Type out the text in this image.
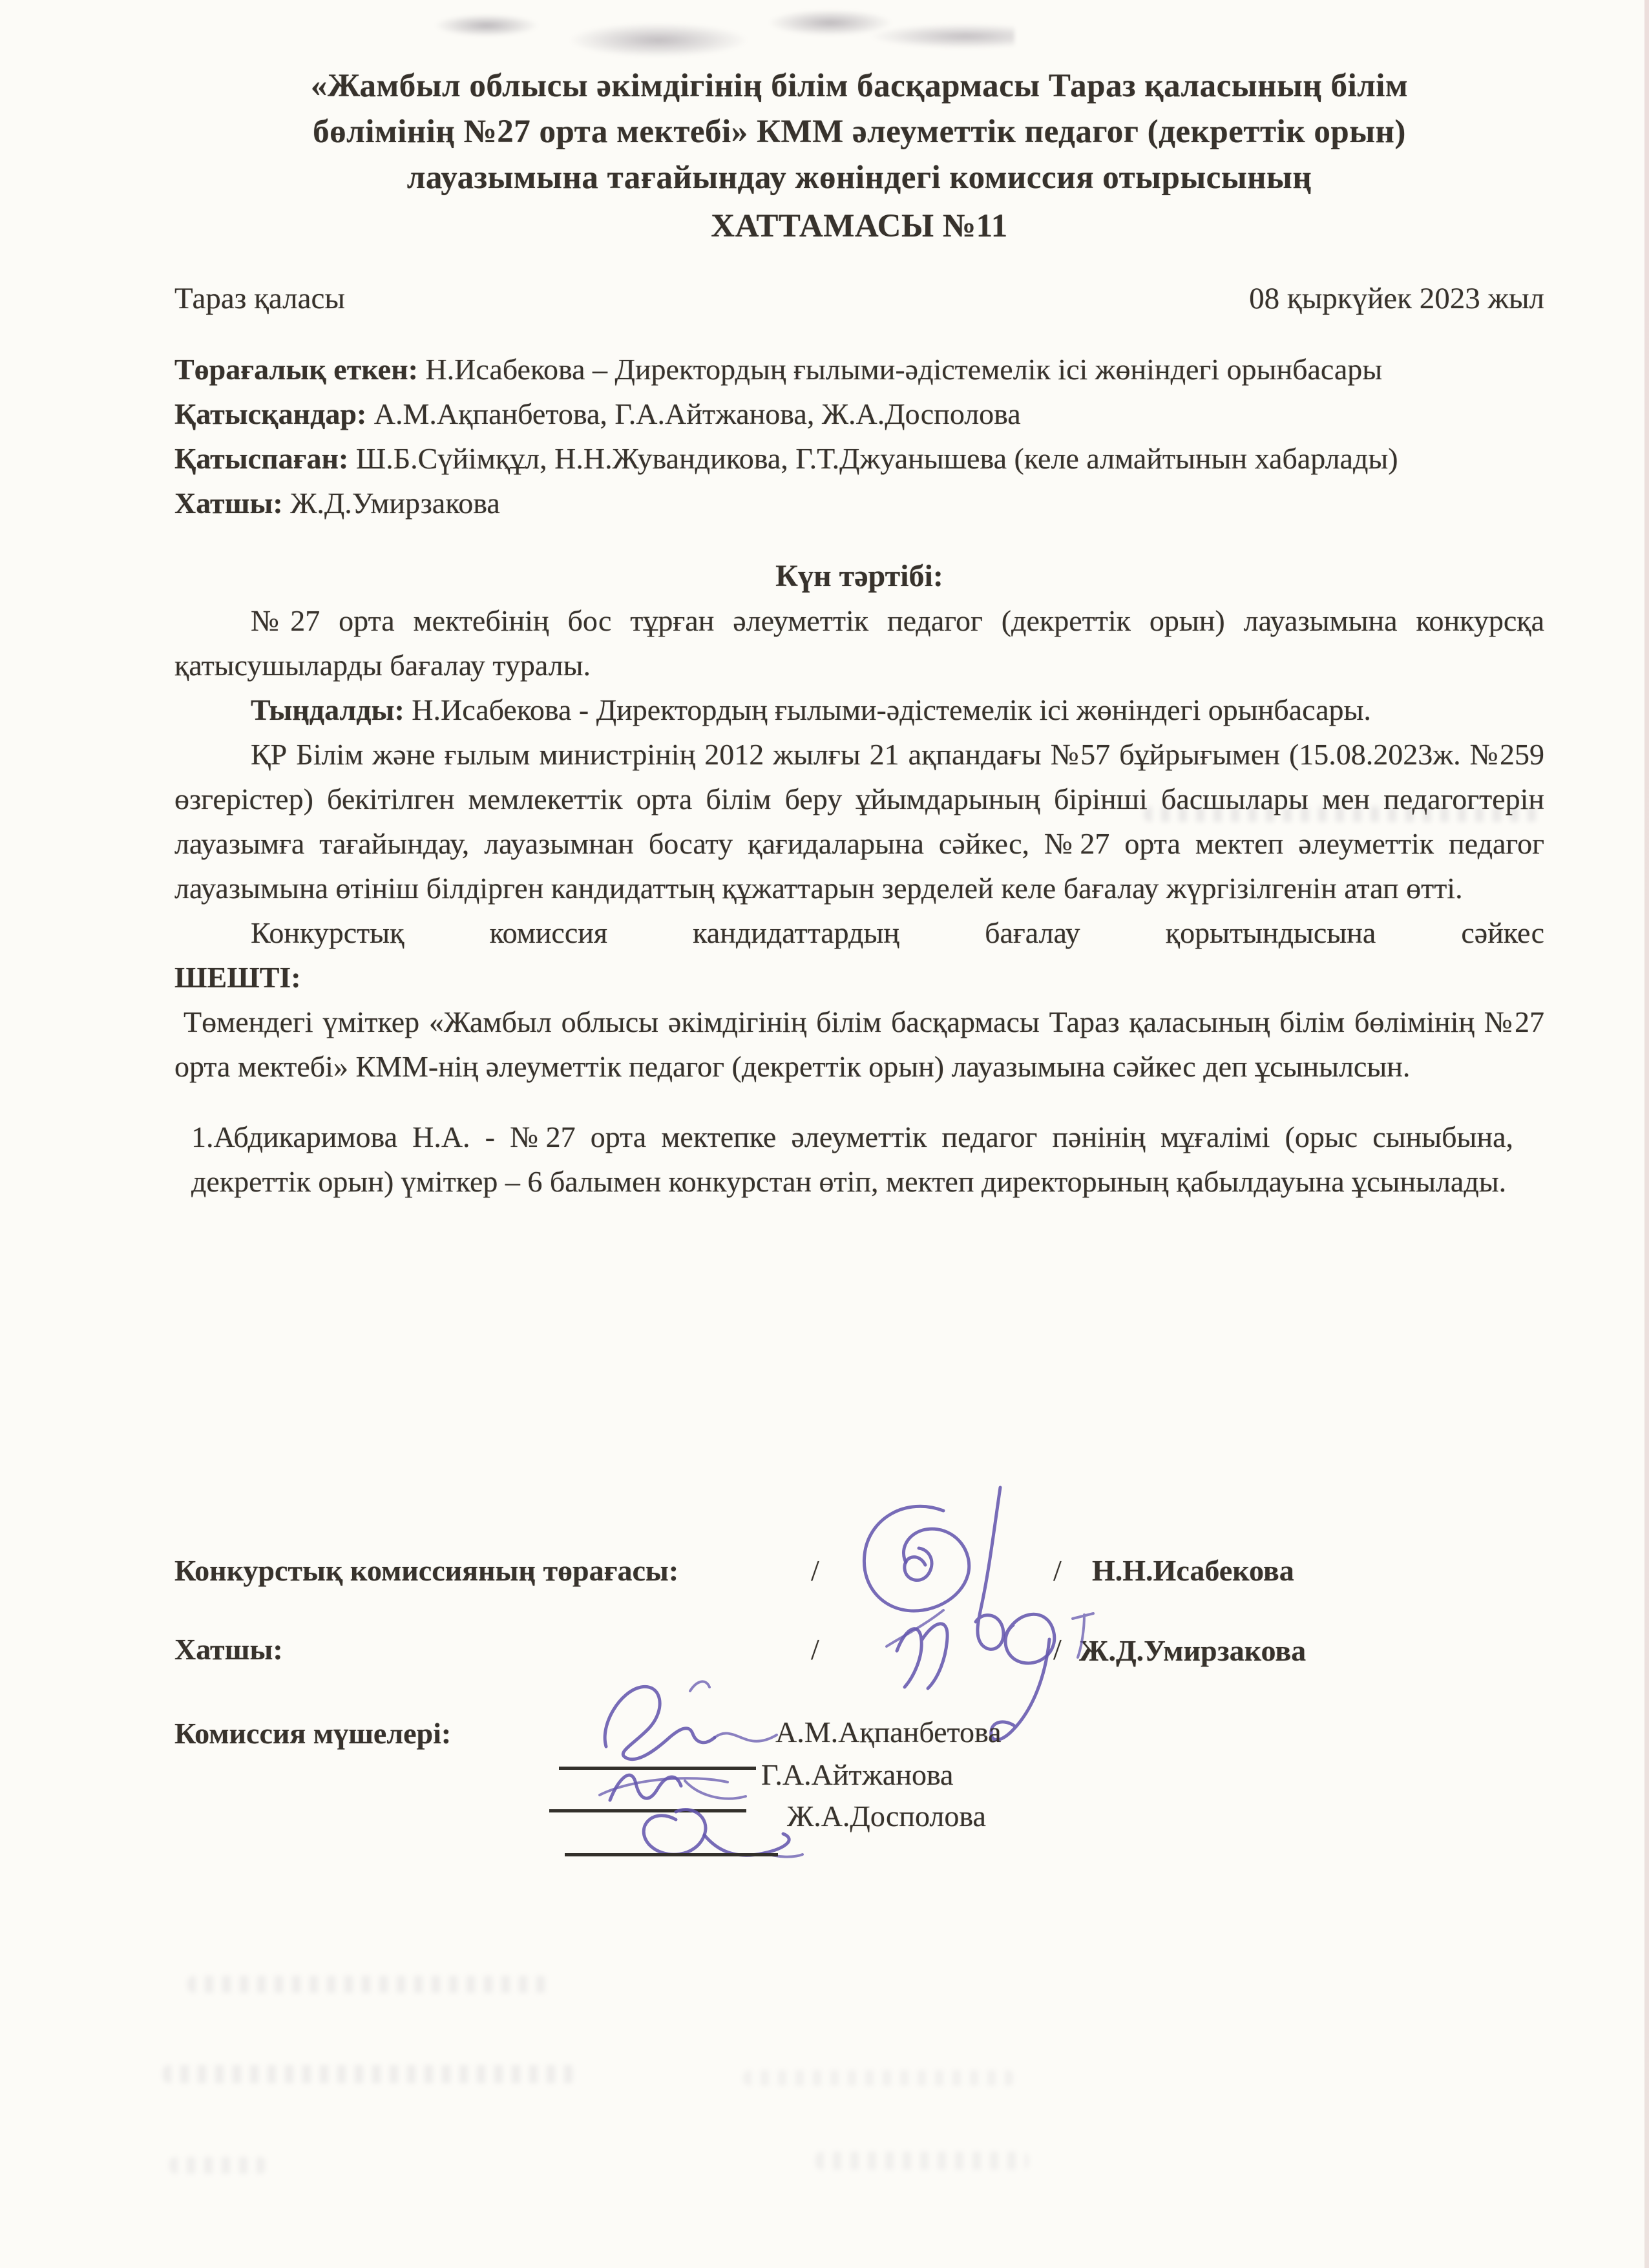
«Жамбыл облысы әкімдігінің білім басқармасы Тараз қаласының білім
бөлімінің №27 орта мектебі» КММ әлеуметтік педагог (декреттік орын)
лауазымына тағайындау жөніндегі комиссия отырысының
ХАТТАМАСЫ №11
Тараз қаласы	08 қыркүйек 2023 жыл

Төрағалық еткен: Н.Исабекова – Директордың ғылыми-әдістемелік ісі жөніндегі орынбасары

Қатысқандар: А.М.Ақпанбетова, Г.А.Айтжанова, Ж.А.Досполова

Қатыспаған: Ш.Б.Сүйімқұл, Н.Н.Жувандикова, Г.Т.Джуанышева (келе алмайтынын хабарлады)

Хатшы: Ж.Д.Умирзакова

Күн тәртібі:

№27 орта мектебінің бос тұрған әлеуметтік педагог (декреттік орын) лауазымына конкурсқа қатысушыларды бағалау туралы.

Тыңдалды: Н.Исабекова - Директордың ғылыми-әдістемелік ісі жөніндегі орынбасары.

ҚР Білім және ғылым министрінің 2012 жылғы 21 ақпандағы №57 бұйрығымен (15.08.2023ж. №259 өзгерістер) бекітілген мемлекеттік орта білім беру ұйымдарының бірінші басшылары мен педагогтерін лауазымға тағайындау, лауазымнан босату қағидаларына сәйкес, №27 орта мектеп әлеуметтік педагог лауазымына өтініш білдірген кандидаттың құжаттарын зерделей келе бағалау жүргізілгенін атап өтті.

Конкурстық комиссия кандидаттардың бағалау қорытындысына сәйкес

ШЕШТІ:

Төмендегі үміткер «Жамбыл облысы әкімдігінің білім басқармасы Тараз қаласының білім бөлімінің №27 орта мектебі» КММ-нің әлеуметтік педагог (декреттік орын) лауазымына сәйкес деп ұсынылсын.

1.Абдикаримова Н.А. - №27 орта мектепке әлеуметтік педагог пәнінің мұғалімі (орыс сыныбына, декреттік орын) үміткер – 6 балымен конкурстан өтіп, мектеп директорының қабылдауына ұсынылады.

Конкурстық комиссияның төрағасы:	/	/ Н.Н.Исабекова
Хатшы:	/	/ Ж.Д.Умирзакова
Комиссия мүшелері:	А.М.Ақпанбетова
Г.А.Айтжанова
Ж.А.Досполова
